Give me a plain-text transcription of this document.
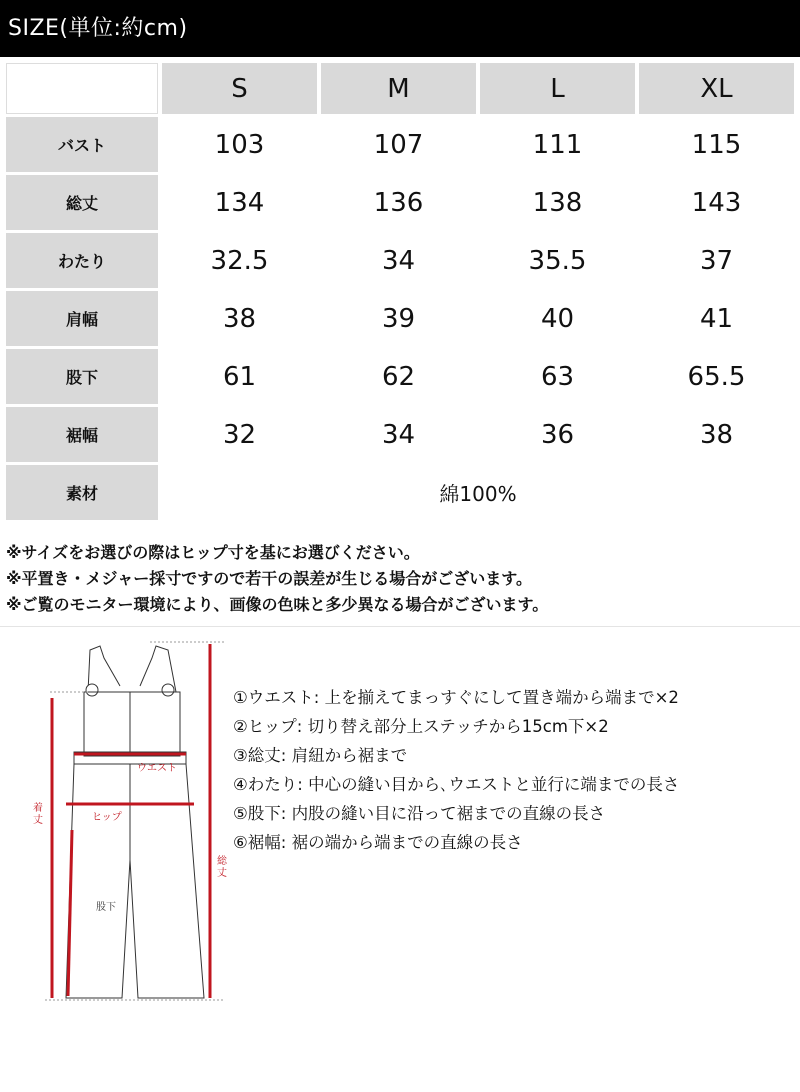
SIZE(単位:約cm)
	S	M	L	XL
バスト	103	107	111	115
総丈	134	136	138	143
わたり	32.5	34	35.5	37
肩幅	38	39	40	41
股下	61	62	63	65.5
裾幅	32	34	36	38
素材	綿100%			
※サイズをお選びの際はヒップ寸を基にお選びください。
※平置き・メジャー採寸ですので若干の誤差が生じる場合がございます。
※ご覧のモニター環境により、画像の色味と多少異なる場合がございます。
ウエスト
ヒップ
股下
着
丈
総
丈
①ウエスト: 上を揃えてまっすぐにして置き端から端まで×2
②ヒップ: 切り替え部分上ステッチから15cm下×2
③総丈: 肩紐から裾まで
④わたり: 中心の縫い目から､ウエストと並行に端までの長さ
⑤股下: 内股の縫い目に沿って裾までの直線の長さ
⑥裾幅: 裾の端から端までの直線の長さ
